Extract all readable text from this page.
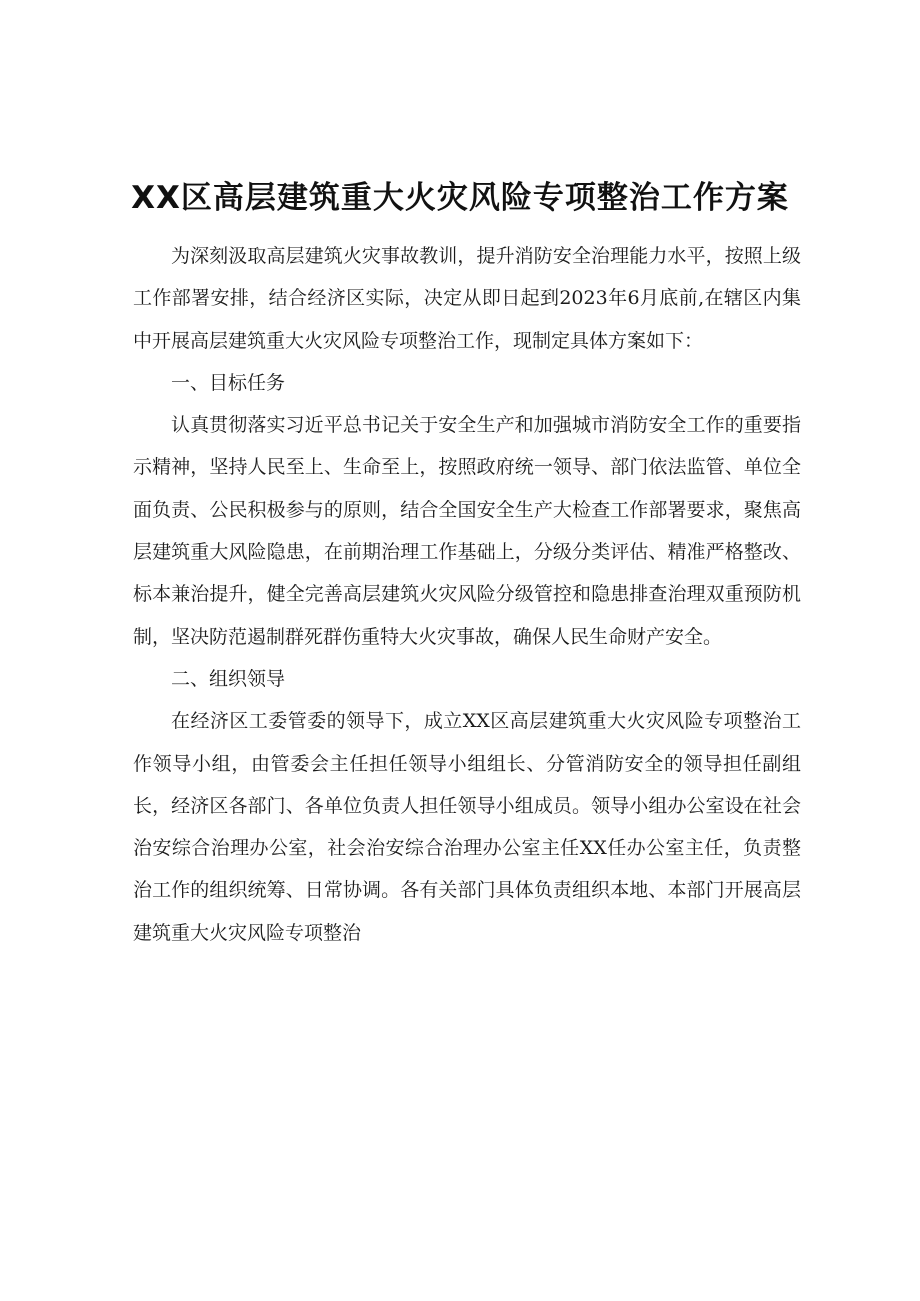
XX区高层建筑重大火灾风险专项整治工作方案

为深刻汲取高层建筑火灾事故教训，提升消防安全治理能力水平，按照上级工作部署安排，结合经济区实际，决定从即日起到2023年6月底前,在辖区内集中开展高层建筑重大火灾风险专项整治工作，现制定具体方案如下：

一、目标任务

认真贯彻落实习近平总书记关于安全生产和加强城市消防安全工作的重要指示精神，坚持人民至上、生命至上，按照政府统一领导、部门依法监管、单位全面负责、公民积极参与的原则，结合全国安全生产大检查工作部署要求，聚焦高层建筑重大风险隐患，在前期治理工作基础上，分级分类评估、精准严格整改、标本兼治提升，健全完善高层建筑火灾风险分级管控和隐患排查治理双重预防机制，坚决防范遏制群死群伤重特大火灾事故，确保人民生命财产安全。

二、组织领导

在经济区工委管委的领导下，成立XX区高层建筑重大火灾风险专项整治工作领导小组，由管委会主任担任领导小组组长、分管消防安全的领导担任副组长，经济区各部门、各单位负责人担任领导小组成员。领导小组办公室设在社会治安综合治理办公室，社会治安综合治理办公室主任XX任办公室主任，负责整治工作的组织统筹、日常协调。各有关部门具体负责组织本地、本部门开展高层建筑重大火灾风险专项整治
